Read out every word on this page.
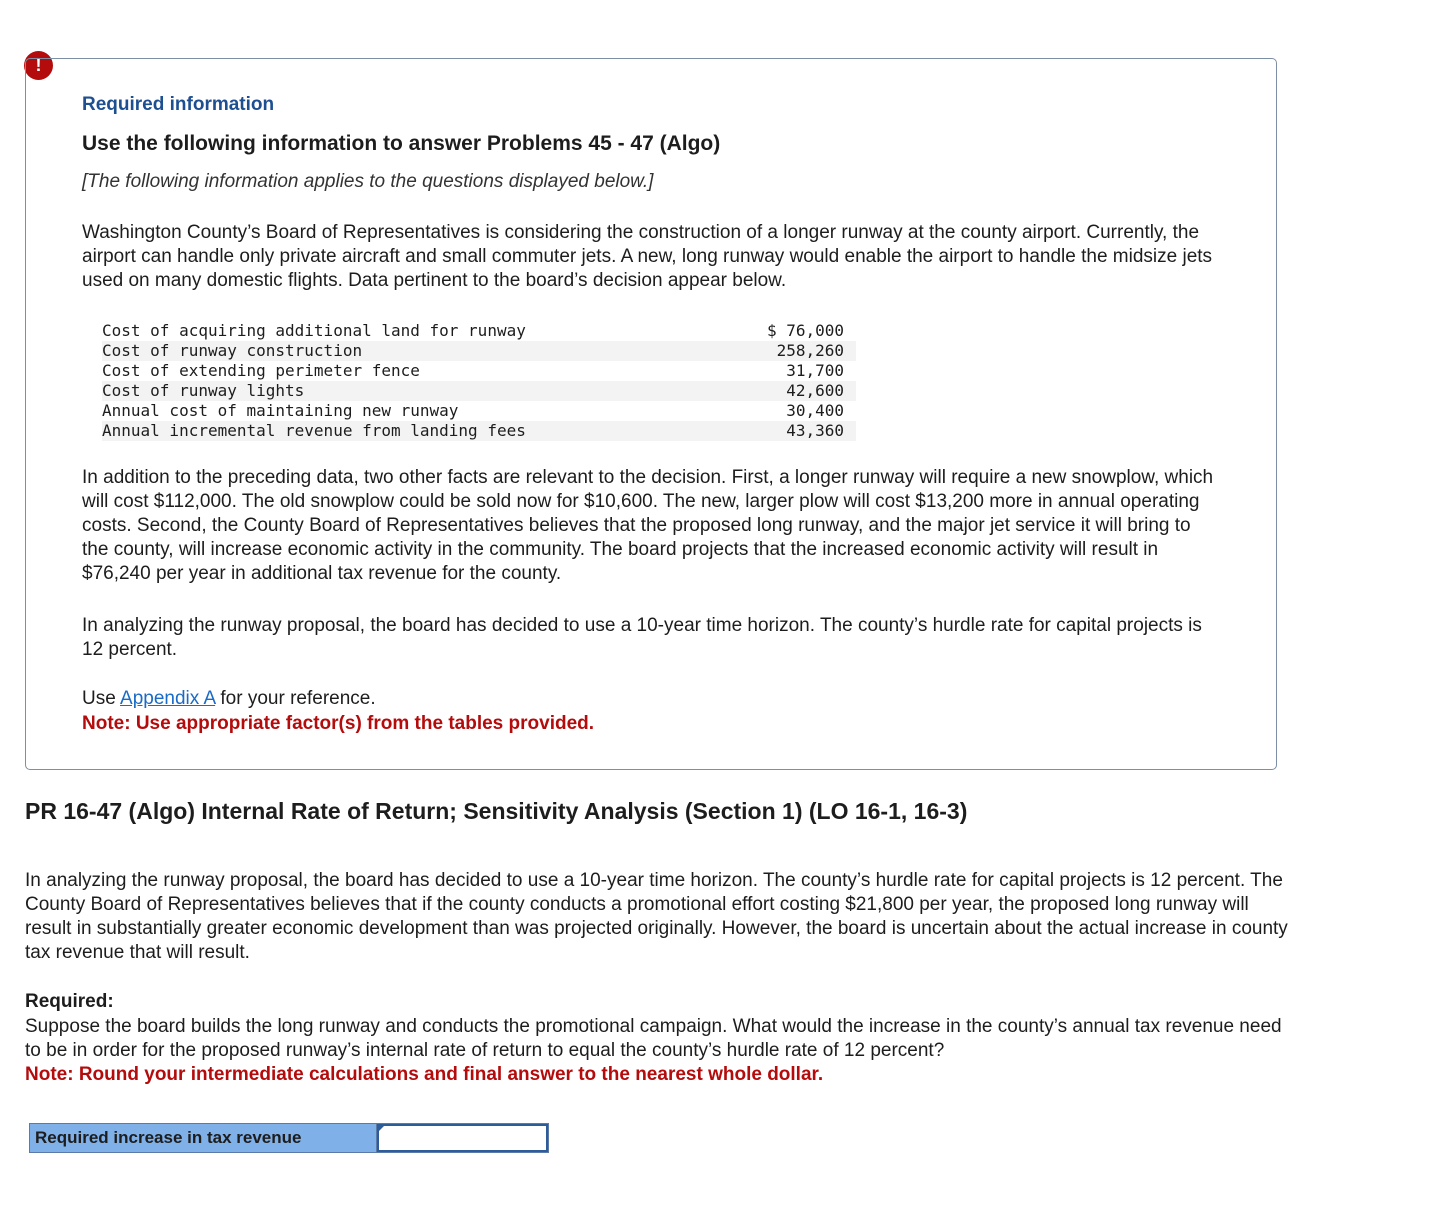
!
Required information
Use the following information to answer Problems 45 - 47 (Algo)
[The following information applies to the questions displayed below.]
Washington County’s Board of Representatives is considering the construction of a longer runway at the county airport. Currently, the airport can handle only private aircraft and small commuter jets. A new, long runway would enable the airport to handle the midsize jets used on many domestic flights. Data pertinent to the board’s decision appear below.
Cost of acquiring additional land for runway	$ 76,000
Cost of runway construction	258,260
Cost of extending perimeter fence	31,700
Cost of runway lights	42,600
Annual cost of maintaining new runway	30,400
Annual incremental revenue from landing fees	43,360
In addition to the preceding data, two other facts are relevant to the decision. First, a longer runway will require a new snowplow, which will cost $112,000. The old snowplow could be sold now for $10,600. The new, larger plow will cost $13,200 more in annual operating costs. Second, the County Board of Representatives believes that the proposed long runway, and the major jet service it will bring to the county, will increase economic activity in the community. The board projects that the increased economic activity will result in $76,240 per year in additional tax revenue for the county.
In analyzing the runway proposal, the board has decided to use a 10-year time horizon. The county’s hurdle rate for capital projects is 12 percent.
Use Appendix A for your reference.
Note: Use appropriate factor(s) from the tables provided.
PR 16-47 (Algo) Internal Rate of Return; Sensitivity Analysis (Section 1) (LO 16-1, 16-3)
In analyzing the runway proposal, the board has decided to use a 10-year time horizon. The county’s hurdle rate for capital projects is 12 percent. The County Board of Representatives believes that if the county conducts a promotional effort costing $21,800 per year, the proposed long runway will result in substantially greater economic development than was projected originally. However, the board is uncertain about the actual increase in county tax revenue that will result.
Required:
Suppose the board builds the long runway and conducts the promotional campaign. What would the increase in the county’s annual tax revenue need to be in order for the proposed runway’s internal rate of return to equal the county’s hurdle rate of 12 percent?
Note: Round your intermediate calculations and final answer to the nearest whole dollar.
Required increase in tax revenue
